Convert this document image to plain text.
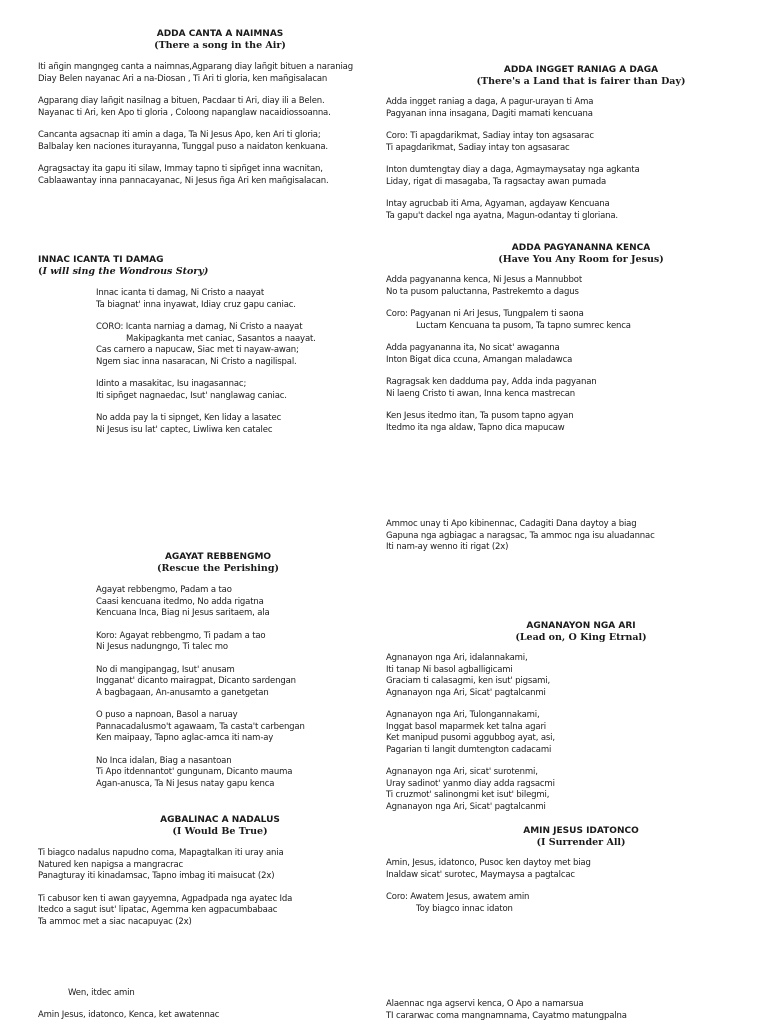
ADDA CANTA A NAIMNAS
(There a song in the Air)
Iti añgin mangngeg canta a naimnas,Agparang diay lañgit bituen a naraniag
Diay Belen nayanac Ari a na-Diosan , Ti Ari ti gloria, ken mañgisalacan
Agparang diay lañgit nasilnag a bituen, Pacdaar ti Ari, diay ili a Belen.
Nayanac ti Ari, ken Apo ti gloria , Coloong napanglaw nacaidiossoanna.
Cancanta agsacnap iti amin a daga, Ta Ni Jesus Apo, ken Ari ti gloria;
Balbalay ken naciones iturayanna, Tunggal puso a naidaton kenkuana.
Agragsactay ita gapu iti silaw, Immay tapno ti sipñget inna wacnitan,
Cablaawantay inna pannacayanac, Ni Jesus ñga Ari ken mañgisalacan.
INNAC ICANTA TI DAMAG
(I will sing the Wondrous Story)
Innac icanta ti damag, Ni Cristo a naayat
Ta biagnat' inna inyawat, Idiay cruz gapu caniac.
CORO: Icanta narniag a damag, Ni Cristo a naayat
Makipagkanta met caniac, Sasantos a naayat.
Cas carnero a napucaw, Siac met ti nayaw-awan;
Ngem siac inna nasaracan, Ni Cristo a nagilispal.
Idinto a masakitac, Isu inagasannac;
Iti sipñget nagnaedac, Isut' nanglawag caniac.
No adda pay la ti sipnget, Ken liday a lasatec
Ni Jesus isu lat' captec, Liwliwa ken catalec
AGAYAT REBBENGMO
(Rescue the Perishing)
Agayat rebbengmo, Padam a tao
Caasi kencuana itedmo, No adda rigatna
Kencuana Inca, Biag ni Jesus saritaem, ala
Koro: Agayat rebbengmo, Ti padam a tao
Ni Jesus nadungngo, Ti talec mo
No di mangipangag, Isut' anusam
Ingganat' dicanto mairagpat, Dicanto sardengan
A bagbagaan, An-anusamto a ganetgetan
O puso a napnoan, Basol a naruay
Pannacadalusmo't agawaam, Ta casta't carbengan
Ken maipaay, Tapno aglac-amca iti nam-ay
No Inca idalan, Biag a nasantoan
Ti Apo itdennantot' gungunam, Dicanto mauma
Agan-anusca, Ta Ni Jesus natay gapu kenca
AGBALINAC A NADALUS
(I Would Be True)
Ti biagco nadalus napudno coma, Mapagtalkan iti uray ania
Natured ken napigsa a mangracrac
Panagturay iti kinadamsac, Tapno imbag iti maisucat (2x)
Ti cabusor ken ti awan gayyemna, Agpadpada nga ayatec Ida
Itedco a sagut isut' lipatac, Agemma ken agpacumbabaac
Ta ammoc met a siac nacapuyac (2x)
Wen, itdec amin
Amin Jesus, idatonco, Kenca, ket awatennac
ADDA INGGET RANIAG A DAGA
(There's a Land that is fairer than Day)
Adda ingget raniag a daga, A pagur-urayan ti Ama
Pagyanan inna insagana, Dagiti mamati kencuana
Coro: Ti apagdarikmat, Sadiay intay ton agsasarac
Ti apagdarikmat, Sadiay intay ton agsasarac
Inton dumtengtay diay a daga, Agmaymaysatay nga agkanta
Liday, rigat di masagaba, Ta ragsactay awan pumada
Intay agrucbab iti Ama, Agyaman, agdayaw Kencuana
Ta gapu't dackel nga ayatna, Magun-odantay ti gloriana.
ADDA PAGYANANNA KENCA
(Have You Any Room for Jesus)
Adda pagyananna kenca, Ni Jesus a Mannubbot
No ta pusom paluctanna, Pastrekemto a dagus
Coro: Pagyanan ni Ari Jesus, Tungpalem ti saona
Luctam Kencuana ta pusom, Ta tapno sumrec kenca
Adda pagyananna ita, No sicat' awaganna
Inton Bigat dica ccuna, Amangan maladawca
Ragragsak ken dadduma pay, Adda inda pagyanan
Ni laeng Cristo ti awan, Inna kenca mastrecan
Ken Jesus itedmo itan, Ta pusom tapno agyan
Itedmo ita nga aldaw, Tapno dica mapucaw
Ammoc unay ti Apo kibinennac, Cadagiti Dana daytoy a biag
Gapuna nga agbiagac a naragsac, Ta ammoc nga isu aluadannac
Iti nam-ay wenno iti rigat (2x)
AGNANAYON NGA ARI
(Lead on, O King Etrnal)
Agnanayon nga Ari, idalannakami,
Iti tanap Ni basol agballigicami
Graciam ti calasagmi, ken isut' pigsami,
Agnanayon nga Ari, Sicat' pagtalcanmi
Agnanayon nga Ari, Tulongannakami,
Inggat basol maparmek ket talna agari
Ket manipud pusomi aggubbog ayat, asi,
Pagarian ti langit dumtengton cadacami
Agnanayon nga Ari, sicat' surotenmi,
Uray sadinot' yanmo diay adda ragsacmi
Ti cruzmot' salinongmi ket isut' bilegmi,
Agnanayon nga Ari, Sicat' pagtalcanmi
AMIN JESUS IDATONCO
(I Surrender All)
Amin, Jesus, idatonco, Pusoc ken daytoy met biag
Inaldaw sicat' surotec, Maymaysa a pagtalcac
Coro: Awatem Jesus, awatem amin
Toy biagco innac idaton
Alaennac nga agservi kenca, O Apo a namarsua
TI cararwac coma mangnamnama, Cayatmo matungpalna
